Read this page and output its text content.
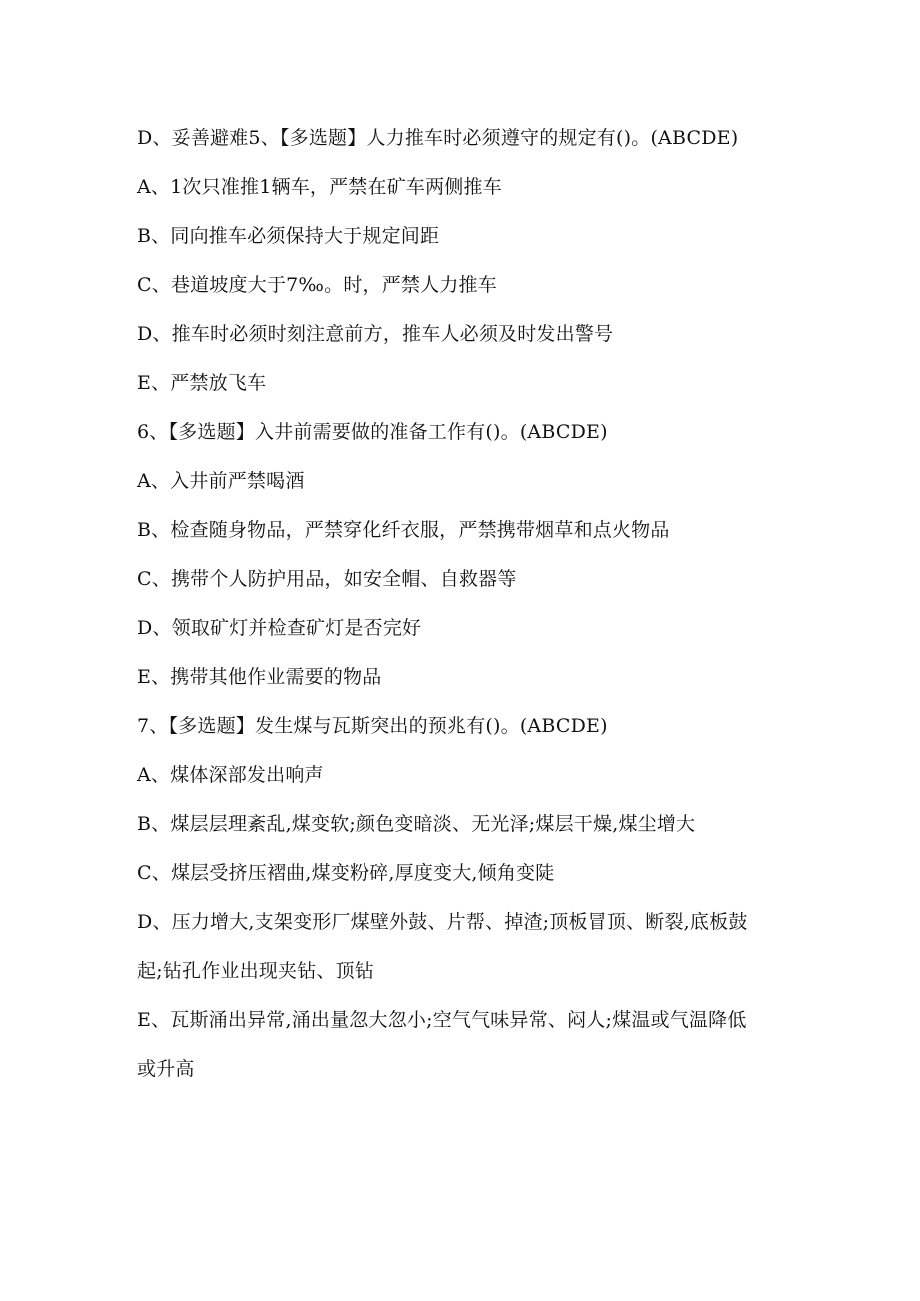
D、妥善避难5、【多选题】人力推车时必须遵守的规定有()。(ABCDE)
A、1次只准推1辆车，严禁在矿车两侧推车
B、同向推车必须保持大于规定间距
C、巷道坡度大于7‰。时，严禁人力推车
D、推车时必须时刻注意前方，推车人必须及时发出警号
E、严禁放飞车
6、【多选题】入井前需要做的准备工作有()。(ABCDE)
A、入井前严禁喝酒
B、检查随身物品，严禁穿化纤衣服，严禁携带烟草和点火物品
C、携带个人防护用品，如安全帽、自救器等
D、领取矿灯并检查矿灯是否完好
E、携带其他作业需要的物品
7、【多选题】发生煤与瓦斯突出的预兆有()。(ABCDE)
A、煤体深部发出响声
B、煤层层理紊乱,煤变软;颜色变暗淡、无光泽;煤层干燥,煤尘增大
C、煤层受挤压褶曲,煤变粉碎,厚度变大,倾角变陡
D、压力增大,支架变形厂煤壁外鼓、片帮、掉渣;顶板冒顶、断裂,底板鼓
起;钻孔作业出现夹钻、顶钻
E、瓦斯涌出异常,涌出量忽大忽小;空气气味异常、闷人;煤温或气温降低
或升高
